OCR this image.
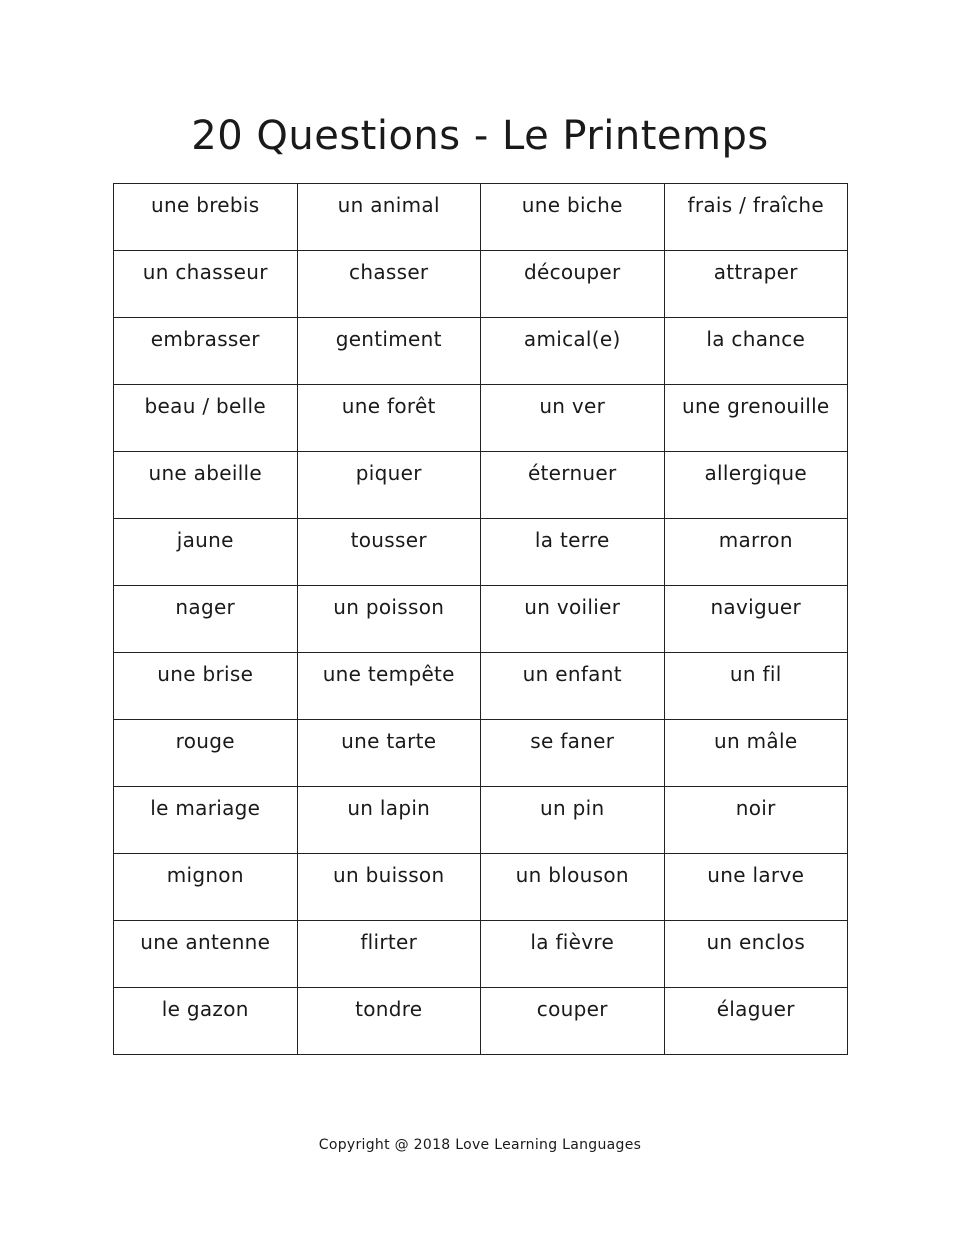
20 Questions - Le Printemps
une brebis	un animal	une biche	frais / fraîche

un chasseur	chasser	découper	attraper

embrasser	gentiment	amical(e)	la chance

beau / belle	une forêt	un ver	une grenouille

une abeille	piquer	éternuer	allergique

jaune	tousser	la terre	marron

nager	un poisson	un voilier	naviguer

une brise	une tempête	un enfant	un fil

rouge	une tarte	se faner	un mâle

le mariage	un lapin	un pin	noir

mignon	un buisson	un blouson	une larve

une antenne	flirter	la fièvre	un enclos

le gazon	tondre	couper	élaguer
Copyright @ 2018 Love Learning Languages
